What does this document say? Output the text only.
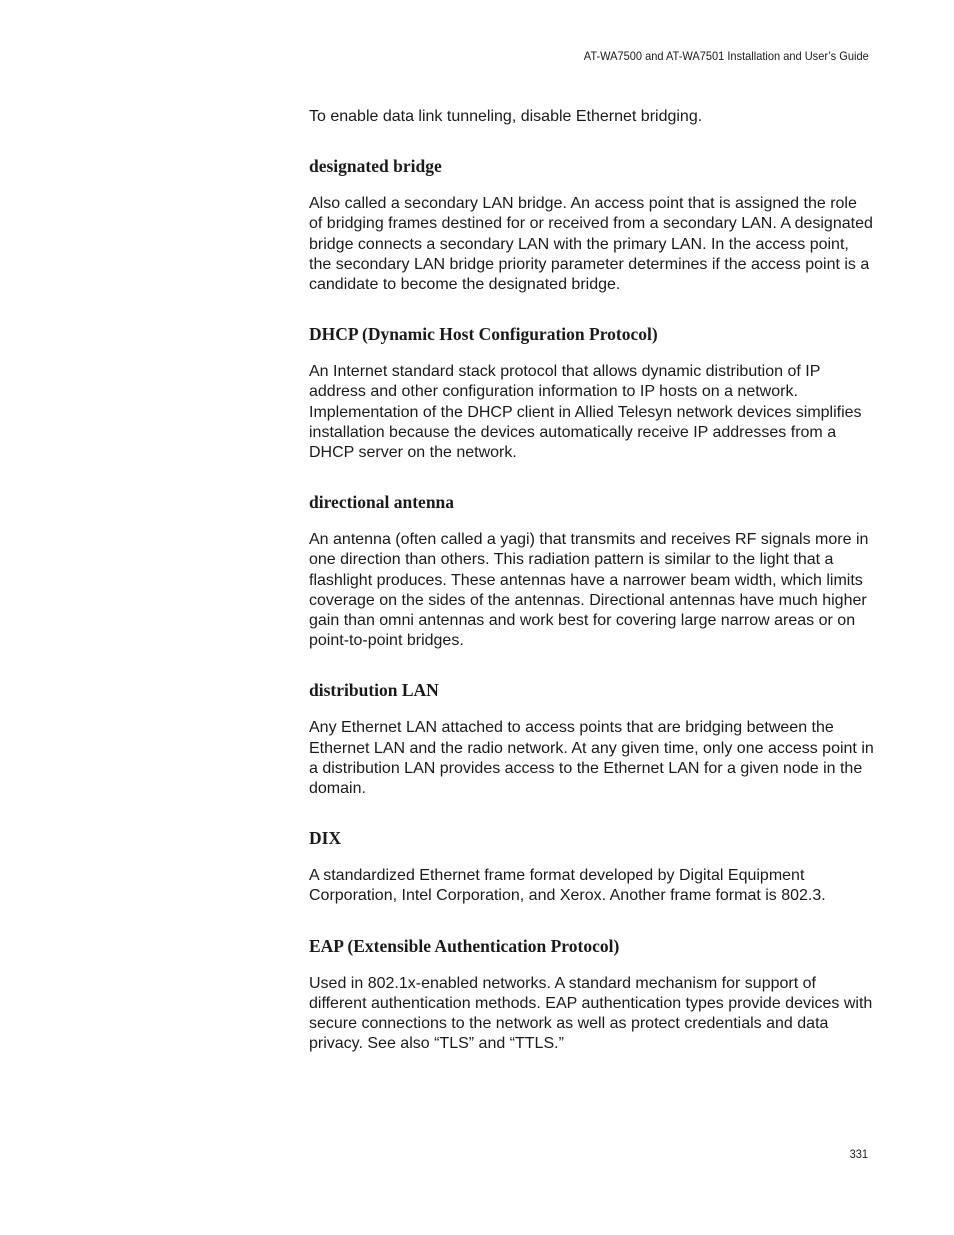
AT-WA7500 and AT-WA7501 Installation and User’s Guide

To enable data link tunneling, disable Ethernet bridging.

designated bridge

Also called a secondary LAN bridge. An access point that is assigned the role of bridging frames destined for or received from a secondary LAN. A designated bridge connects a secondary LAN with the primary LAN. In the access point, the secondary LAN bridge priority parameter determines if the access point is a candidate to become the designated bridge.

DHCP (Dynamic Host Configuration Protocol)

An Internet standard stack protocol that allows dynamic distribution of IP address and other configuration information to IP hosts on a network. Implementation of the DHCP client in Allied Telesyn network devices simplifies installation because the devices automatically receive IP addresses from a DHCP server on the network.

directional antenna

An antenna (often called a yagi) that transmits and receives RF signals more in one direction than others. This radiation pattern is similar to the light that a flashlight produces. These antennas have a narrower beam width, which limits coverage on the sides of the antennas. Directional antennas have much higher gain than omni antennas and work best for covering large narrow areas or on point-to-point bridges.

distribution LAN

Any Ethernet LAN attached to access points that are bridging between the Ethernet LAN and the radio network. At any given time, only one access point in a distribution LAN provides access to the Ethernet LAN for a given node in the domain.

DIX

A standardized Ethernet frame format developed by Digital Equipment Corporation, Intel Corporation, and Xerox. Another frame format is 802.3.

EAP (Extensible Authentication Protocol)

Used in 802.1x-enabled networks. A standard mechanism for support of different authentication methods. EAP authentication types provide devices with secure connections to the network as well as protect credentials and data privacy. See also “TLS” and “TTLS.”

331
